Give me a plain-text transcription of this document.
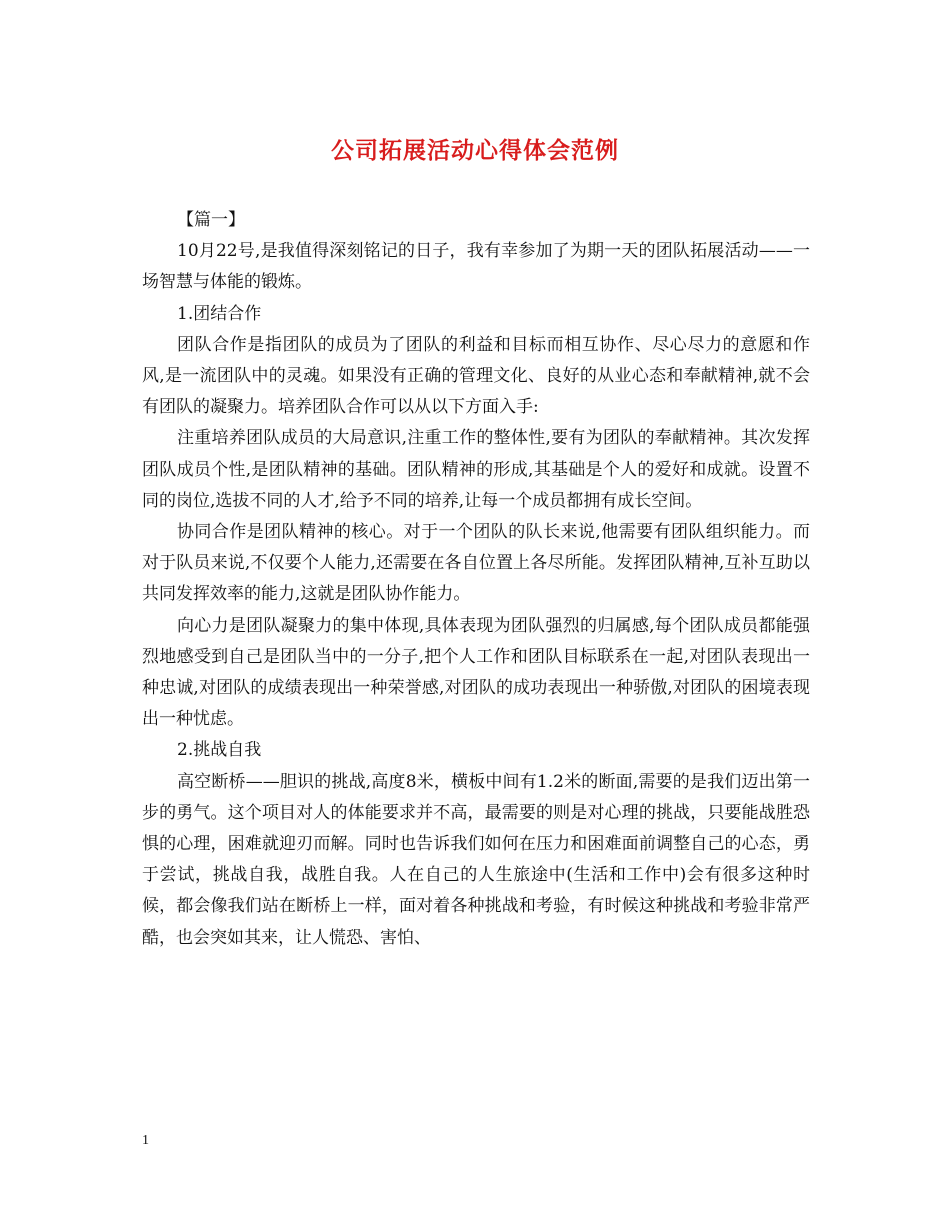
公司拓展活动心得体会范例

【篇一】

10月22号,是我值得深刻铭记的日子，我有幸参加了为期一天的团队拓展活动——一场智慧与体能的锻炼。

1.团结合作

团队合作是指团队的成员为了团队的利益和目标而相互协作、尽心尽力的意愿和作风,是一流团队中的灵魂。如果没有正确的管理文化、良好的从业心态和奉献精神,就不会有团队的凝聚力。培养团队合作可以从以下方面入手:

注重培养团队成员的大局意识,注重工作的整体性,要有为团队的奉献精神。其次发挥团队成员个性,是团队精神的基础。团队精神的形成,其基础是个人的爱好和成就。设置不同的岗位,选拔不同的人才,给予不同的培养,让每一个成员都拥有成长空间。

协同合作是团队精神的核心。对于一个团队的队长来说,他需要有团队组织能力。而对于队员来说,不仅要个人能力,还需要在各自位置上各尽所能。发挥团队精神,互补互助以共同发挥效率的能力,这就是团队协作能力。

向心力是团队凝聚力的集中体现,具体表现为团队强烈的归属感,每个团队成员都能强烈地感受到自己是团队当中的一分子,把个人工作和团队目标联系在一起,对团队表现出一种忠诚,对团队的成绩表现出一种荣誉感,对团队的成功表现出一种骄傲,对团队的困境表现出一种忧虑。

2.挑战自我

高空断桥——胆识的挑战,高度8米，横板中间有1.2米的断面,需要的是我们迈出第一步的勇气。这个项目对人的体能要求并不高，最需要的则是对心理的挑战，只要能战胜恐惧的心理，困难就迎刃而解。同时也告诉我们如何在压力和困难面前调整自己的心态，勇于尝试，挑战自我，战胜自我。人在自己的人生旅途中(生活和工作中)会有很多这种时候，都会像我们站在断桥上一样，面对着各种挑战和考验，有时候这种挑战和考验非常严酷，也会突如其来，让人慌恐、害怕、

1
